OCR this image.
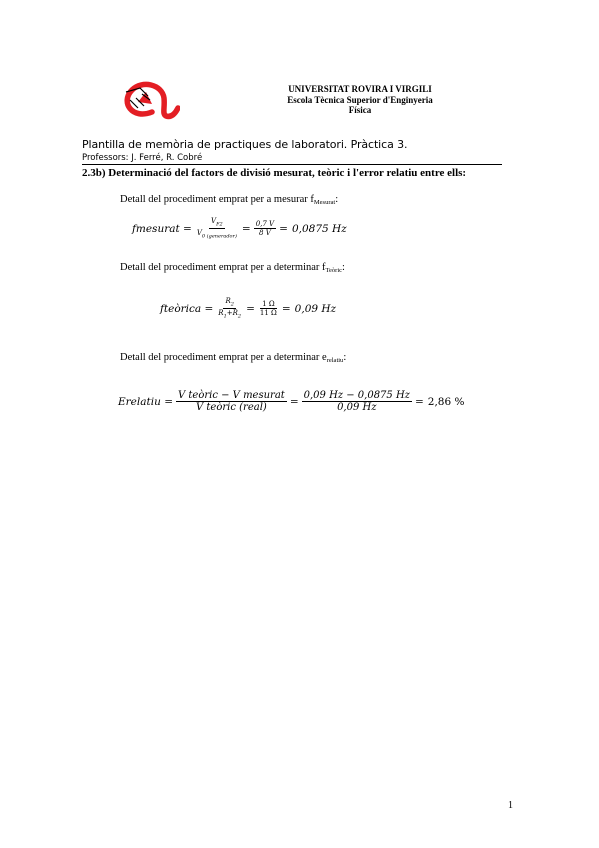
UNIVERSITAT ROVIRA I VIRGILI
Escola Tècnica Superior d'Enginyeria
Física
Plantilla de memòria de practiques de laboratori. Pràctica 3.
Professors: J. Ferré, R. Cobré
2.3b) Determinació del factors de divisió mesurat, teòric i l'error relatiu entre ells:
Detall del procediment emprat per a mesurar $f_{Mesurat}$:
fmesurat = $\frac{V_{F2}}{V_{0 (generador)}} = \frac{0,7 V}{8 V} = 0,0875$ Hz
Detall del procediment emprat per a determinar $f_{Teòric}$:
fteòrica = $\frac{R_2}{R_1+R_2} = \frac{1 \Omega}{11 \Omega} = 0,09$ Hz
Detall del procediment emprat per a determinar $e_{relatiu}$:
Erelatiu = $\frac{\text{V teòric − V mesurat}}{\text{V teòric (real)}} = \frac{0,09 Hz - 0,0875 Hz}{0,09 Hz} = 2,86$ %
1
